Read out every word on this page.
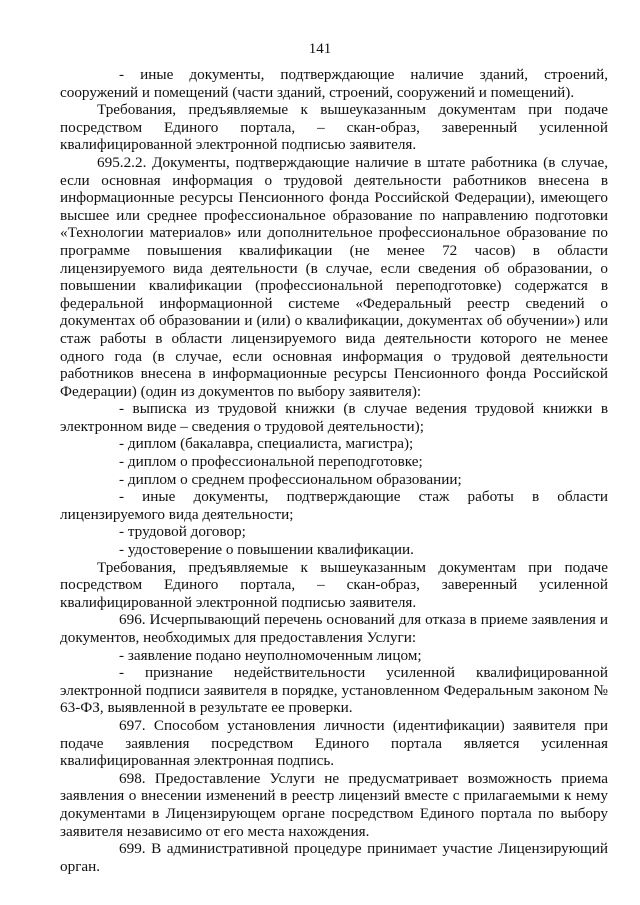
141

- иные документы, подтверждающие наличие зданий, строений, сооружений и помещений (части зданий, строений, сооружений и помещений).

Требования, предъявляемые к вышеуказанным документам при подаче посредством Единого портала, – скан-образ, заверенный усиленной квалифицированной электронной подписью заявителя.

695.2.2. Документы, подтверждающие наличие в штате работника (в случае, если основная информация о трудовой деятельности работников внесена в информационные ресурсы Пенсионного фонда Российской Федерации), имеющего высшее или среднее профессиональное образование по направлению подготовки «Технологии материалов» или дополнительное профессиональное образование по программе повышения квалификации (не менее 72 часов) в области лицензируемого вида деятельности (в случае, если сведения об образовании, о повышении квалификации (профессиональной переподготовке) содержатся в федеральной информационной системе «Федеральный реестр сведений о документах об образовании и (или) о квалификации, документах об обучении») или стаж работы в области лицензируемого вида деятельности которого не менее одного года (в случае, если основная информация о трудовой деятельности работников внесена в информационные ресурсы Пенсионного фонда Российской Федерации) (один из документов по выбору заявителя):

- выписка из трудовой книжки (в случае ведения трудовой книжки в электронном виде – сведения о трудовой деятельности);

- диплом (бакалавра, специалиста, магистра);

- диплом о профессиональной переподготовке;

- диплом о среднем профессиональном образовании;

- иные документы, подтверждающие стаж работы в области лицензируемого вида деятельности;

- трудовой договор;

- удостоверение о повышении квалификации.

Требования, предъявляемые к вышеуказанным документам при подаче посредством Единого портала, – скан-образ, заверенный усиленной квалифицированной электронной подписью заявителя.

696. Исчерпывающий перечень оснований для отказа в приеме заявления и документов, необходимых для предоставления Услуги:

- заявление подано неуполномоченным лицом;

- признание недействительности усиленной квалифицированной электронной подписи заявителя в порядке, установленном Федеральным законом № 63-ФЗ, выявленной в результате ее проверки.

697. Способом установления личности (идентификации) заявителя при подаче заявления посредством Единого портала является усиленная квалифицированная электронная подпись.

698. Предоставление Услуги не предусматривает возможность приема заявления о внесении изменений в реестр лицензий вместе с прилагаемыми к нему документами в Лицензирующем органе посредством Единого портала по выбору заявителя независимо от его места нахождения.

699. В административной процедуре принимает участие Лицензирующий орган.
